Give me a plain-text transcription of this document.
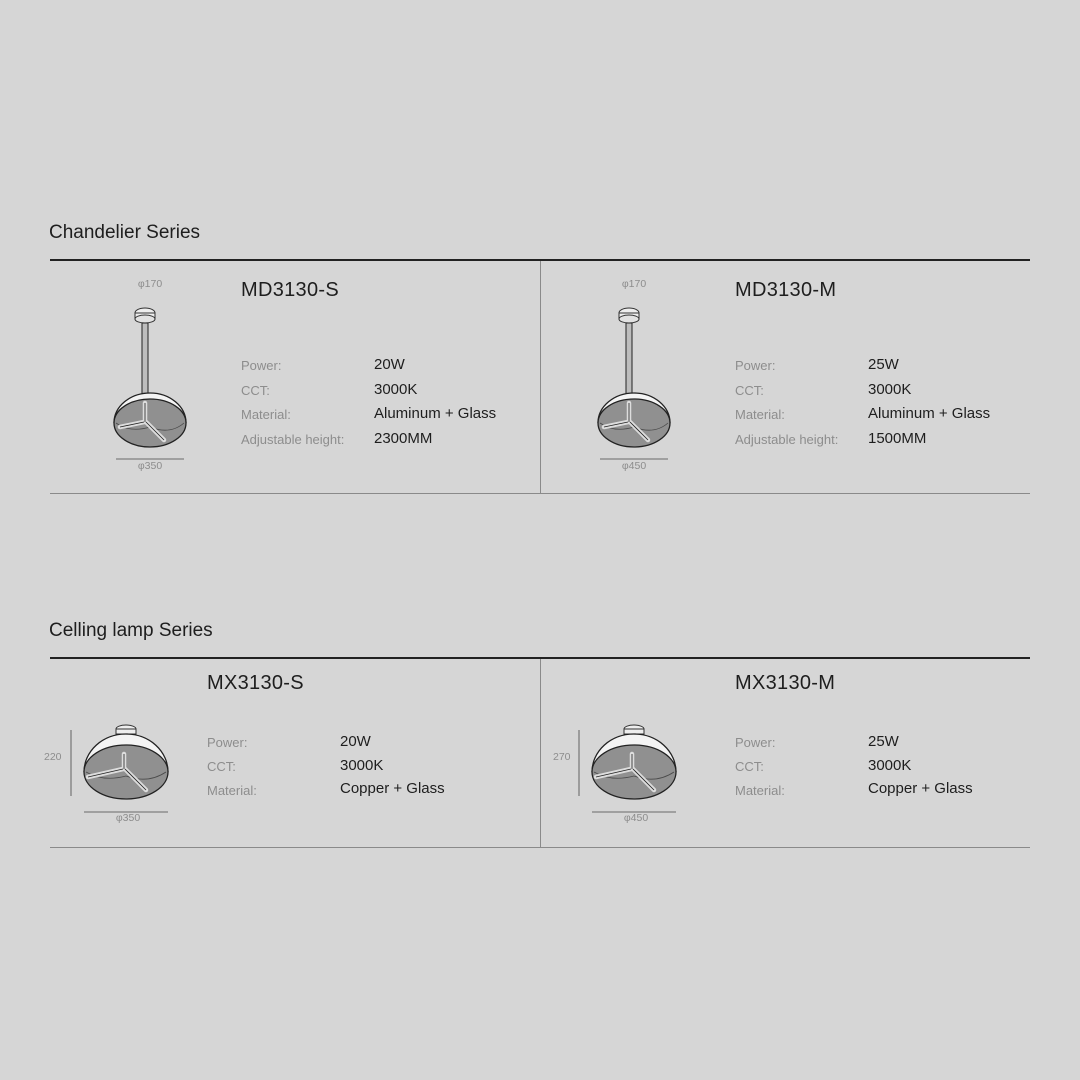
Chandelier Series
φ170
φ350
MD3130-S
Power:	20W
CCT:	3000K
Material:	Aluminum + Glass
Adjustable height: 2300MM
φ170
φ450
MD3130-M
Power:	25W
CCT:	3000K
Material:	Aluminum + Glass
Adjustable height: 1500MM
Celling lamp Series
220
φ350
MX3130-S
Power:	20W
CCT:	3000K
Material:	Copper + Glass
270
φ450
MX3130-M
Power:	25W
CCT:	3000K
Material:	Copper + Glass
